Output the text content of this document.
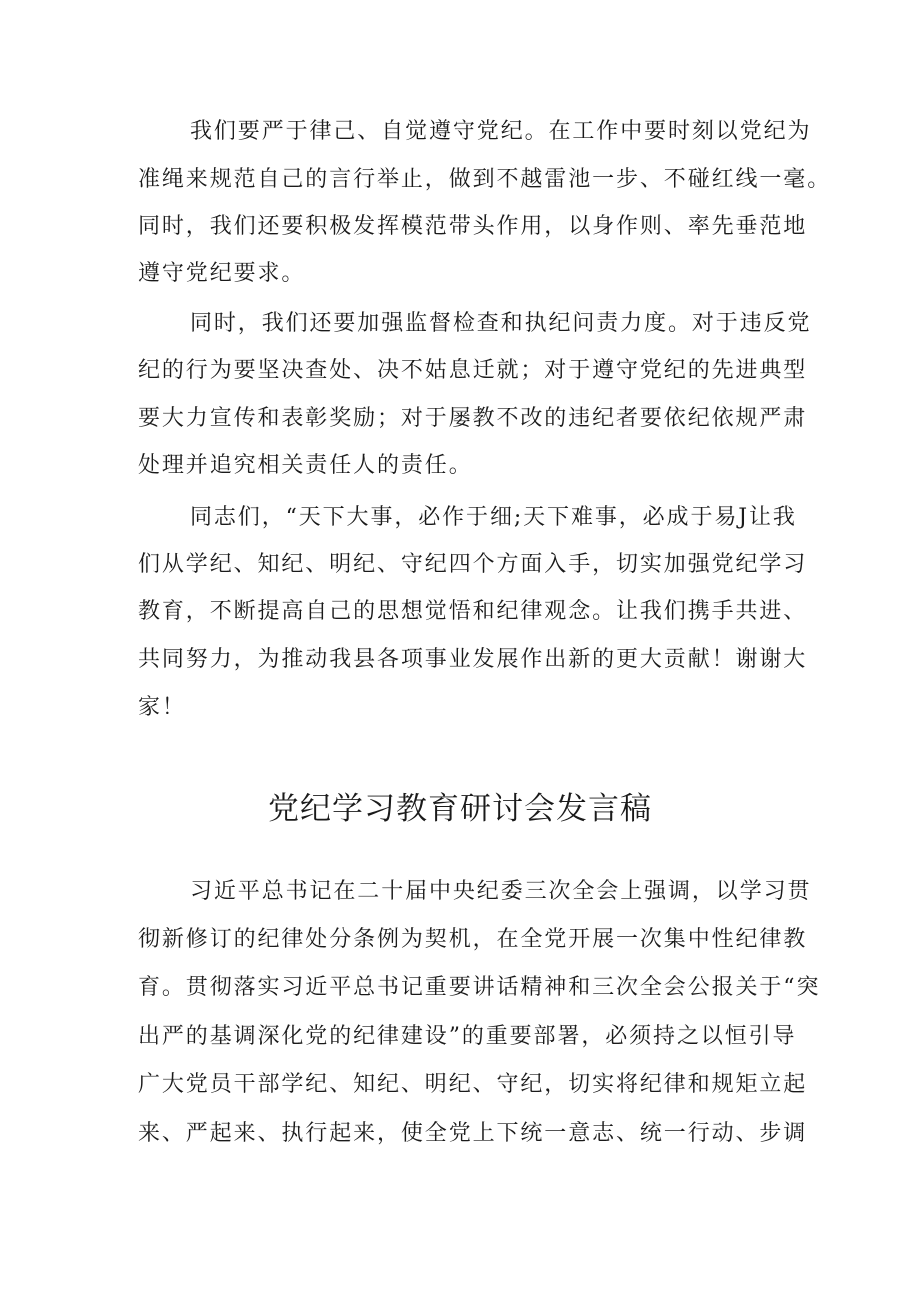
我们要严于律己、自觉遵守党纪。在工作中要时刻以党纪为
准绳来规范自己的言行举止，做到不越雷池一步、不碰红线一毫。
同时，我们还要积极发挥模范带头作用，以身作则、率先垂范地
遵守党纪要求。
同时，我们还要加强监督检查和执纪问责力度。对于违反党
纪的行为要坚决查处、决不姑息迁就；对于遵守党纪的先进典型
要大力宣传和表彰奖励；对于屡教不改的违纪者要依纪依规严肃
处理并追究相关责任人的责任。
同志们，“天下大事，必作于细;天下难事，必成于易J让我
们从学纪、知纪、明纪、守纪四个方面入手，切实加强党纪学习
教育，不断提高自己的思想觉悟和纪律观念。让我们携手共进、
共同努力，为推动我县各项事业发展作出新的更大贡献！谢谢大
家！
党纪学习教育研讨会发言稿
习近平总书记在二十届中央纪委三次全会上强调，以学习贯
彻新修订的纪律处分条例为契机，在全党开展一次集中性纪律教
育。贯彻落实习近平总书记重要讲话精神和三次全会公报关于“突
出严的基调深化党的纪律建设”的重要部署，必须持之以恒引导
广大党员干部学纪、知纪、明纪、守纪，切实将纪律和规矩立起
来、严起来、执行起来，使全党上下统一意志、统一行动、步调
